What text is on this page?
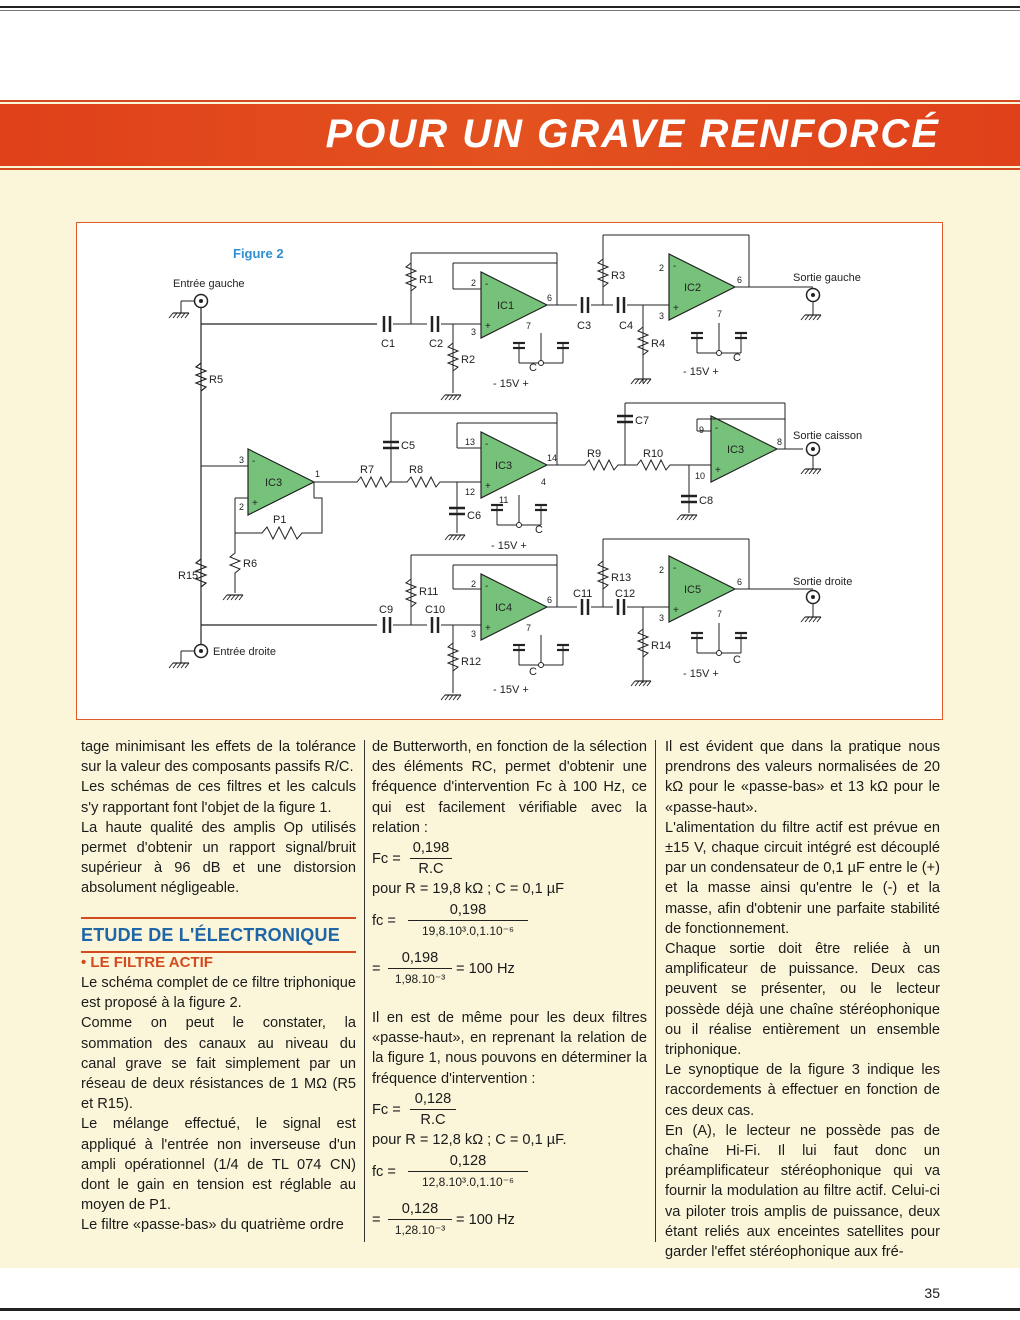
POUR UN GRAVE RENFORCÉ
+
Figure 2
Entrée gauche
Entrée droite
R5
R15
IC3
3
2
1
P1
R6
R7	R8
C1	C2
R1
IC1
2
3
6
R2
7
C
- 15V +
C3	C4
R3
IC2
2
3
6
R4
7
C
- 15V +
Sortie gauche
C5
IC3
13
12
14
C6
11
4
C
- 15V +
R9	R10
C7
C8
IC3
9
10
8 Sortie caisson
C9	C10
R11
IC4
2
3
6
R12
7
C
- 15V +
C11 C12
R13
IC5
2
3
6
R14
7
C
- 15V +
Sortie droite

tage minimisant les effets de la tolérance sur la valeur des composants passifs R/C.

Les schémas de ces filtres et les calculs s'y rapportant font l'objet de la figure 1.

La haute qualité des amplis Op utilisés permet d'obtenir un rapport signal/bruit supérieur à 96 dB et une distorsion absolument négligeable.

ETUDE DE L'ÉLECTRONIQUE

• LE FILTRE ACTIF

Le schéma complet de ce filtre triphonique est proposé à la figure 2.

Comme on peut le constater, la sommation des canaux au niveau du canal grave se fait simplement par un réseau de deux résistances de 1 MΩ (R5 et R15).

Le mélange effectué, le signal est appliqué à l'entrée non inverseuse d'un ampli opérationnel (1/4 de TL 074 CN) dont le gain en tension est réglable au moyen de P1.

Le filtre «passe-bas» du quatrième ordre

de Butterworth, en fonction de la sélection des éléments RC, permet d'obtenir une fréquence d'intervention Fc à 100 Hz, ce qui est facilement vérifiable avec la relation :

Fc =
0,198
R.C
pour R = 19,8 kΩ ; C = 0,1 µF
fc =
0,198
19,8.10³.0,1.10⁻⁶
=
0,198
1,98.10⁻³
= 100 Hz

Il en est de même pour les deux filtres «passe-haut», en reprenant la relation de la figure 1, nous pouvons en déterminer la fréquence d'intervention :

Fc =
0,128
R.C
pour R = 12,8 kΩ ; C = 0,1 µF.
fc =
0,128
12,8.10³.0,1.10⁻⁶
=
0,128
1,28.10⁻³
= 100 Hz

Il est évident que dans la pratique nous prendrons des valeurs normalisées de 20 kΩ pour le «passe-bas» et 13 kΩ pour le «passe-haut».

L'alimentation du filtre actif est prévue en ±15 V, chaque circuit intégré est découplé par un condensateur de 0,1 µF entre le (+) et la masse ainsi qu'entre le (-) et la masse, afin d'obtenir une parfaite stabilité de fonctionnement.

Chaque sortie doit être reliée à un amplificateur de puissance. Deux cas peuvent se présenter, ou le lecteur possède déjà une chaîne stéréophonique ou il réalise entièrement un ensemble triphonique.

Le synoptique de la figure 3 indique les raccordements à effectuer en fonction de ces deux cas.

En (A), le lecteur ne possède pas de chaîne Hi-Fi. Il lui faut donc un préamplificateur stéréophonique qui va fournir la modulation au filtre actif. Celui-ci va piloter trois amplis de puissance, deux étant reliés aux enceintes satellites pour garder l'effet stéréophonique aux fré-

35
